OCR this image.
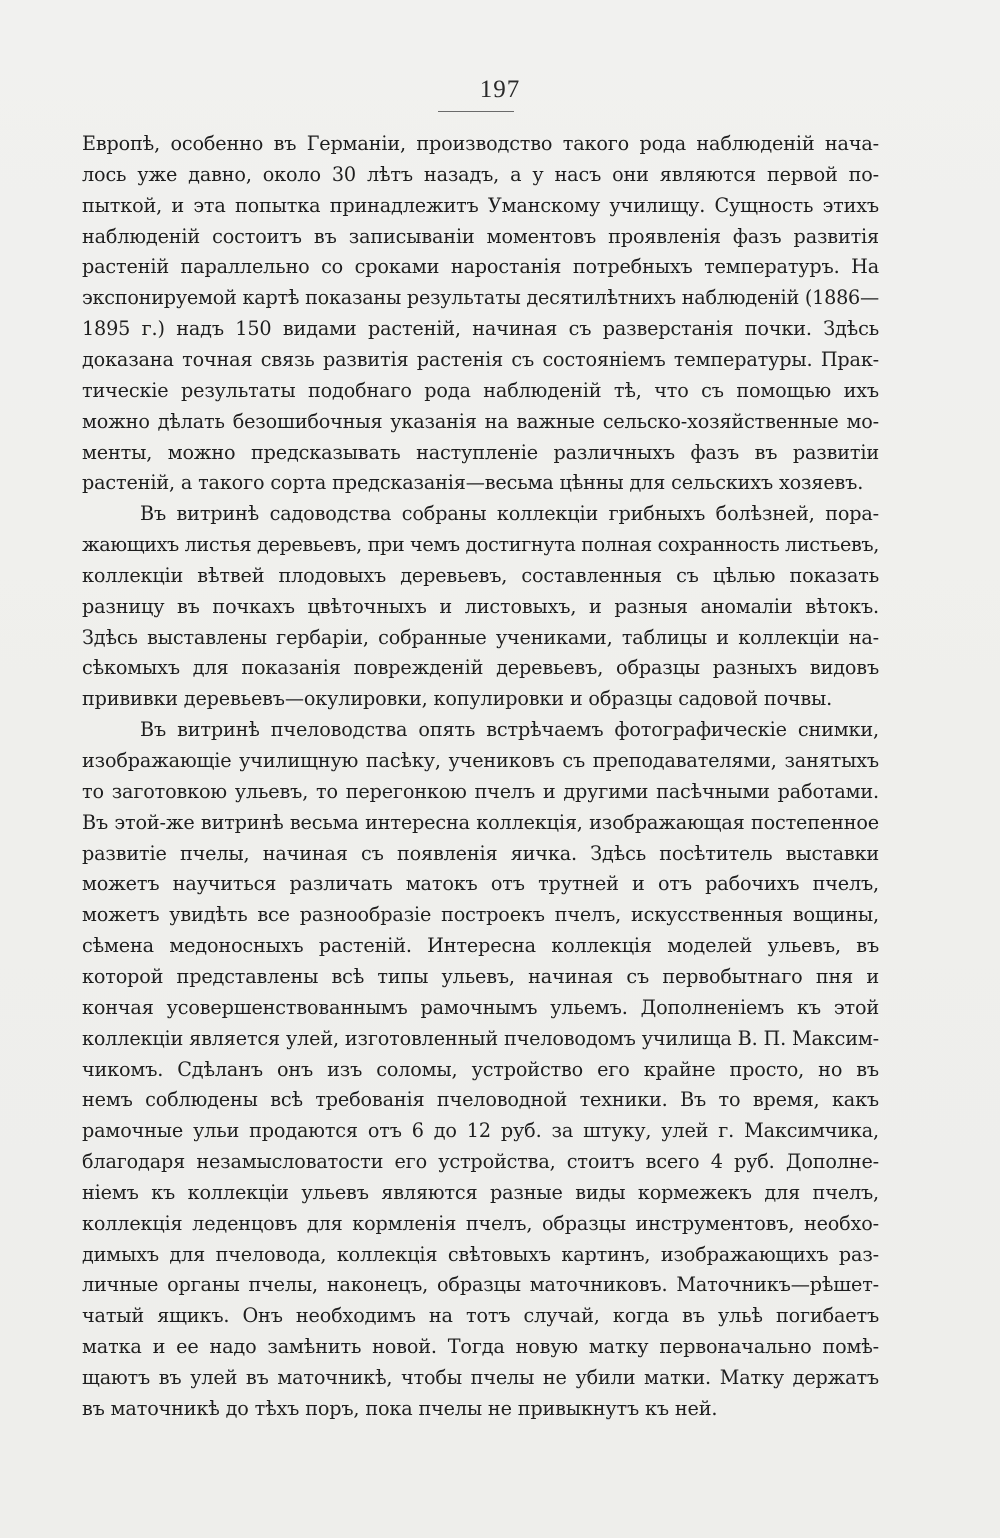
197
Европѣ, особенно въ Германіи, производство такого рода наблюденій нача-
лось уже давно, около 30 лѣтъ назадъ, а у насъ они являются первой по-
пыткой, и эта попытка принадлежитъ Уманскому училищу. Сущность этихъ
наблюденій состоитъ въ записываніи моментовъ проявленія фазъ развитія
растеній параллельно со сроками наростанія потребныхъ температуръ. На
экспонируемой картѣ показаны результаты десятилѣтнихъ наблюденій (1886—
1895 г.) надъ 150 видами растеній, начиная съ разверстанія почки. Здѣсь
доказана точная связь развитія растенія съ состояніемъ температуры. Прак-
тическіе результаты подобнаго рода наблюденій тѣ, что съ помощью ихъ
можно дѣлать безошибочныя указанія на важные сельско-хозяйственные мо-
менты, можно предсказывать наступленіе различныхъ фазъ въ развитіи
растеній, а такого сорта предсказанія—весьма цѣнны для сельскихъ хозяевъ.
Въ витринѣ садоводства собраны коллекціи грибныхъ болѣзней, пора-
жающихъ листья деревьевъ, при чемъ достигнута полная сохранность листьевъ,
коллекціи вѣтвей плодовыхъ деревьевъ, составленныя съ цѣлью показать
разницу въ почкахъ цвѣточныхъ и листовыхъ, и разныя аномаліи вѣтокъ.
Здѣсь выставлены гербаріи, собранные учениками, таблицы и коллекціи на-
сѣкомыхъ для показанія поврежденій деревьевъ, образцы разныхъ видовъ
прививки деревьевъ—окулировки, копулировки и образцы садовой почвы.
Въ витринѣ пчеловодства опять встрѣчаемъ фотографическіе снимки,
изображающіе училищную пасѣку, учениковъ съ преподавателями, занятыхъ
то заготовкою ульевъ, то перегонкою пчелъ и другими пасѣчными работами.
Въ этой-же витринѣ весьма интересна коллекція, изображающая постепенное
развитіе пчелы, начиная съ появленія яичка. Здѣсь посѣтитель выставки
можетъ научиться различать матокъ отъ трутней и отъ рабочихъ пчелъ,
можетъ увидѣть все разнообразіе построекъ пчелъ, искусственныя вощины,
сѣмена медоносныхъ растеній. Интересна коллекція моделей ульевъ, въ
которой представлены всѣ типы ульевъ, начиная съ первобытнаго пня и
кончая усовершенствованнымъ рамочнымъ ульемъ. Дополненіемъ къ этой
коллекціи является улей, изготовленный пчеловодомъ училища В. П. Максим-
чикомъ. Сдѣланъ онъ изъ соломы, устройство его крайне просто, но въ
немъ соблюдены всѣ требованія пчеловодной техники. Въ то время, какъ
рамочные ульи продаются отъ 6 до 12 руб. за штуку, улей г. Максимчика,
благодаря незамысловатости его устройства, стоитъ всего 4 руб. Дополне-
ніемъ къ коллекціи ульевъ являются разные виды кормежекъ для пчелъ,
коллекція леденцовъ для кормленія пчелъ, образцы инструментовъ, необхо-
димыхъ для пчеловода, коллекція свѣтовыхъ картинъ, изображающихъ раз-
личные органы пчелы, наконецъ, образцы маточниковъ. Маточникъ—рѣшет-
чатый ящикъ. Онъ необходимъ на тотъ случай, когда въ ульѣ погибаетъ
матка и ее надо замѣнить новой. Тогда новую матку первоначально помѣ-
щаютъ въ улей въ маточникѣ, чтобы пчелы не убили матки. Матку держатъ
въ маточникѣ до тѣхъ поръ, пока пчелы не привыкнутъ къ ней.
